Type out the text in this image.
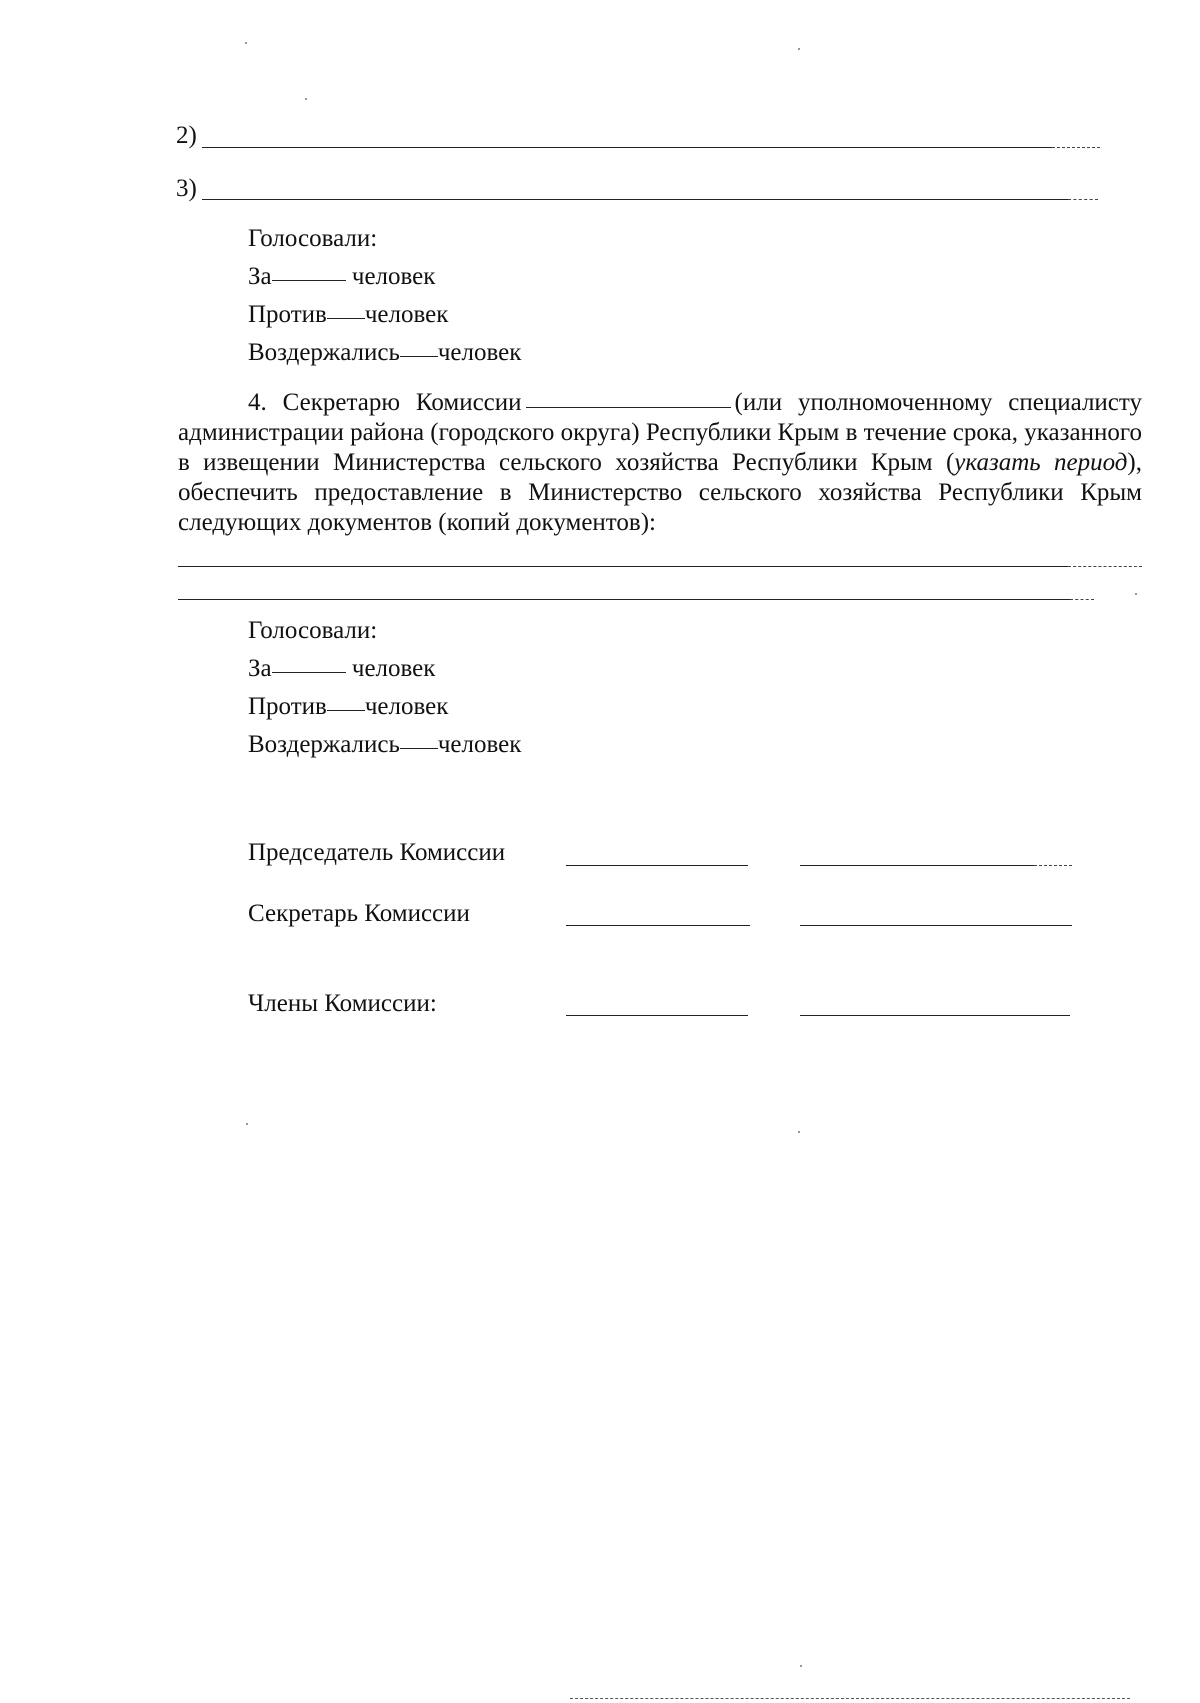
2)
3)
Голосовали:
За	человек
Против человек
Воздержались человек
4. Секретарю Комиссии	(или уполномоченному специалисту администрации района (городского округа) Республики Крым в течение срока, указанного в извещении Министерства сельского хозяйства Республики Крым (указать период), обеспечить предоставление в Министерство сельского хозяйства Республики Крым следующих документов (копий документов):
Голосовали:
За	человек
Против человек
Воздержались человек
Председатель Комиссии
Секретарь Комиссии
Члены Комиссии:
